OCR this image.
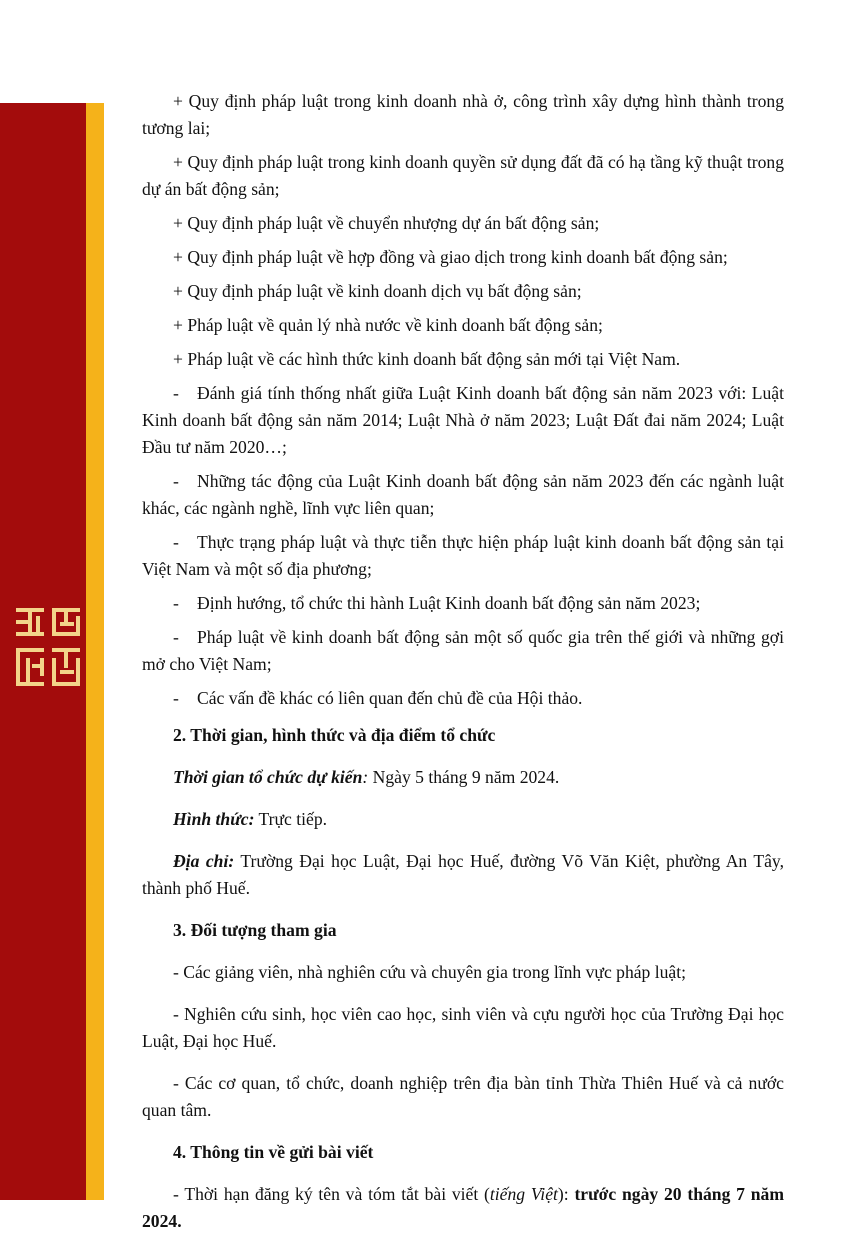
+ Quy định pháp luật trong kinh doanh nhà ở, công trình xây dựng hình thành trong tương lai;

+ Quy định pháp luật trong kinh doanh quyền sử dụng đất đã có hạ tầng kỹ thuật trong dự án bất động sản;

+ Quy định pháp luật về chuyển nhượng dự án bất động sản;

+ Quy định pháp luật về hợp đồng và giao dịch trong kinh doanh bất động sản;

+ Quy định pháp luật về kinh doanh dịch vụ bất động sản;

+ Pháp luật về quản lý nhà nước về kinh doanh bất động sản;

+ Pháp luật về các hình thức kinh doanh bất động sản mới tại Việt Nam.

- Đánh giá tính thống nhất giữa Luật Kinh doanh bất động sản năm 2023 với: Luật Kinh doanh bất động sản năm 2014; Luật Nhà ở năm 2023; Luật Đất đai năm 2024; Luật Đầu tư năm 2020…;

- Những tác động của Luật Kinh doanh bất động sản năm 2023 đến các ngành luật khác, các ngành nghề, lĩnh vực liên quan;

- Thực trạng pháp luật và thực tiễn thực hiện pháp luật kinh doanh bất động sản tại Việt Nam và một số địa phương;

- Định hướng, tổ chức thi hành Luật Kinh doanh bất động sản năm 2023;

- Pháp luật về kinh doanh bất động sản một số quốc gia trên thế giới và những gợi mở cho Việt Nam;

- Các vấn đề khác có liên quan đến chủ đề của Hội thảo.

2. Thời gian, hình thức và địa điểm tổ chức

Thời gian tổ chức dự kiến: Ngày 5 tháng 9 năm 2024.

Hình thức: Trực tiếp.

Địa chỉ: Trường Đại học Luật, Đại học Huế, đường Võ Văn Kiệt, phường An Tây, thành phố Huế.

3. Đối tượng tham gia

- Các giảng viên, nhà nghiên cứu và chuyên gia trong lĩnh vực pháp luật;

- Nghiên cứu sinh, học viên cao học, sinh viên và cựu người học của Trường Đại học Luật, Đại học Huế.

- Các cơ quan, tổ chức, doanh nghiệp trên địa bàn tỉnh Thừa Thiên Huế và cả nước quan tâm.

4. Thông tin về gửi bài viết

- Thời hạn đăng ký tên và tóm tắt bài viết (tiếng Việt): trước ngày 20 tháng 7 năm 2024.
